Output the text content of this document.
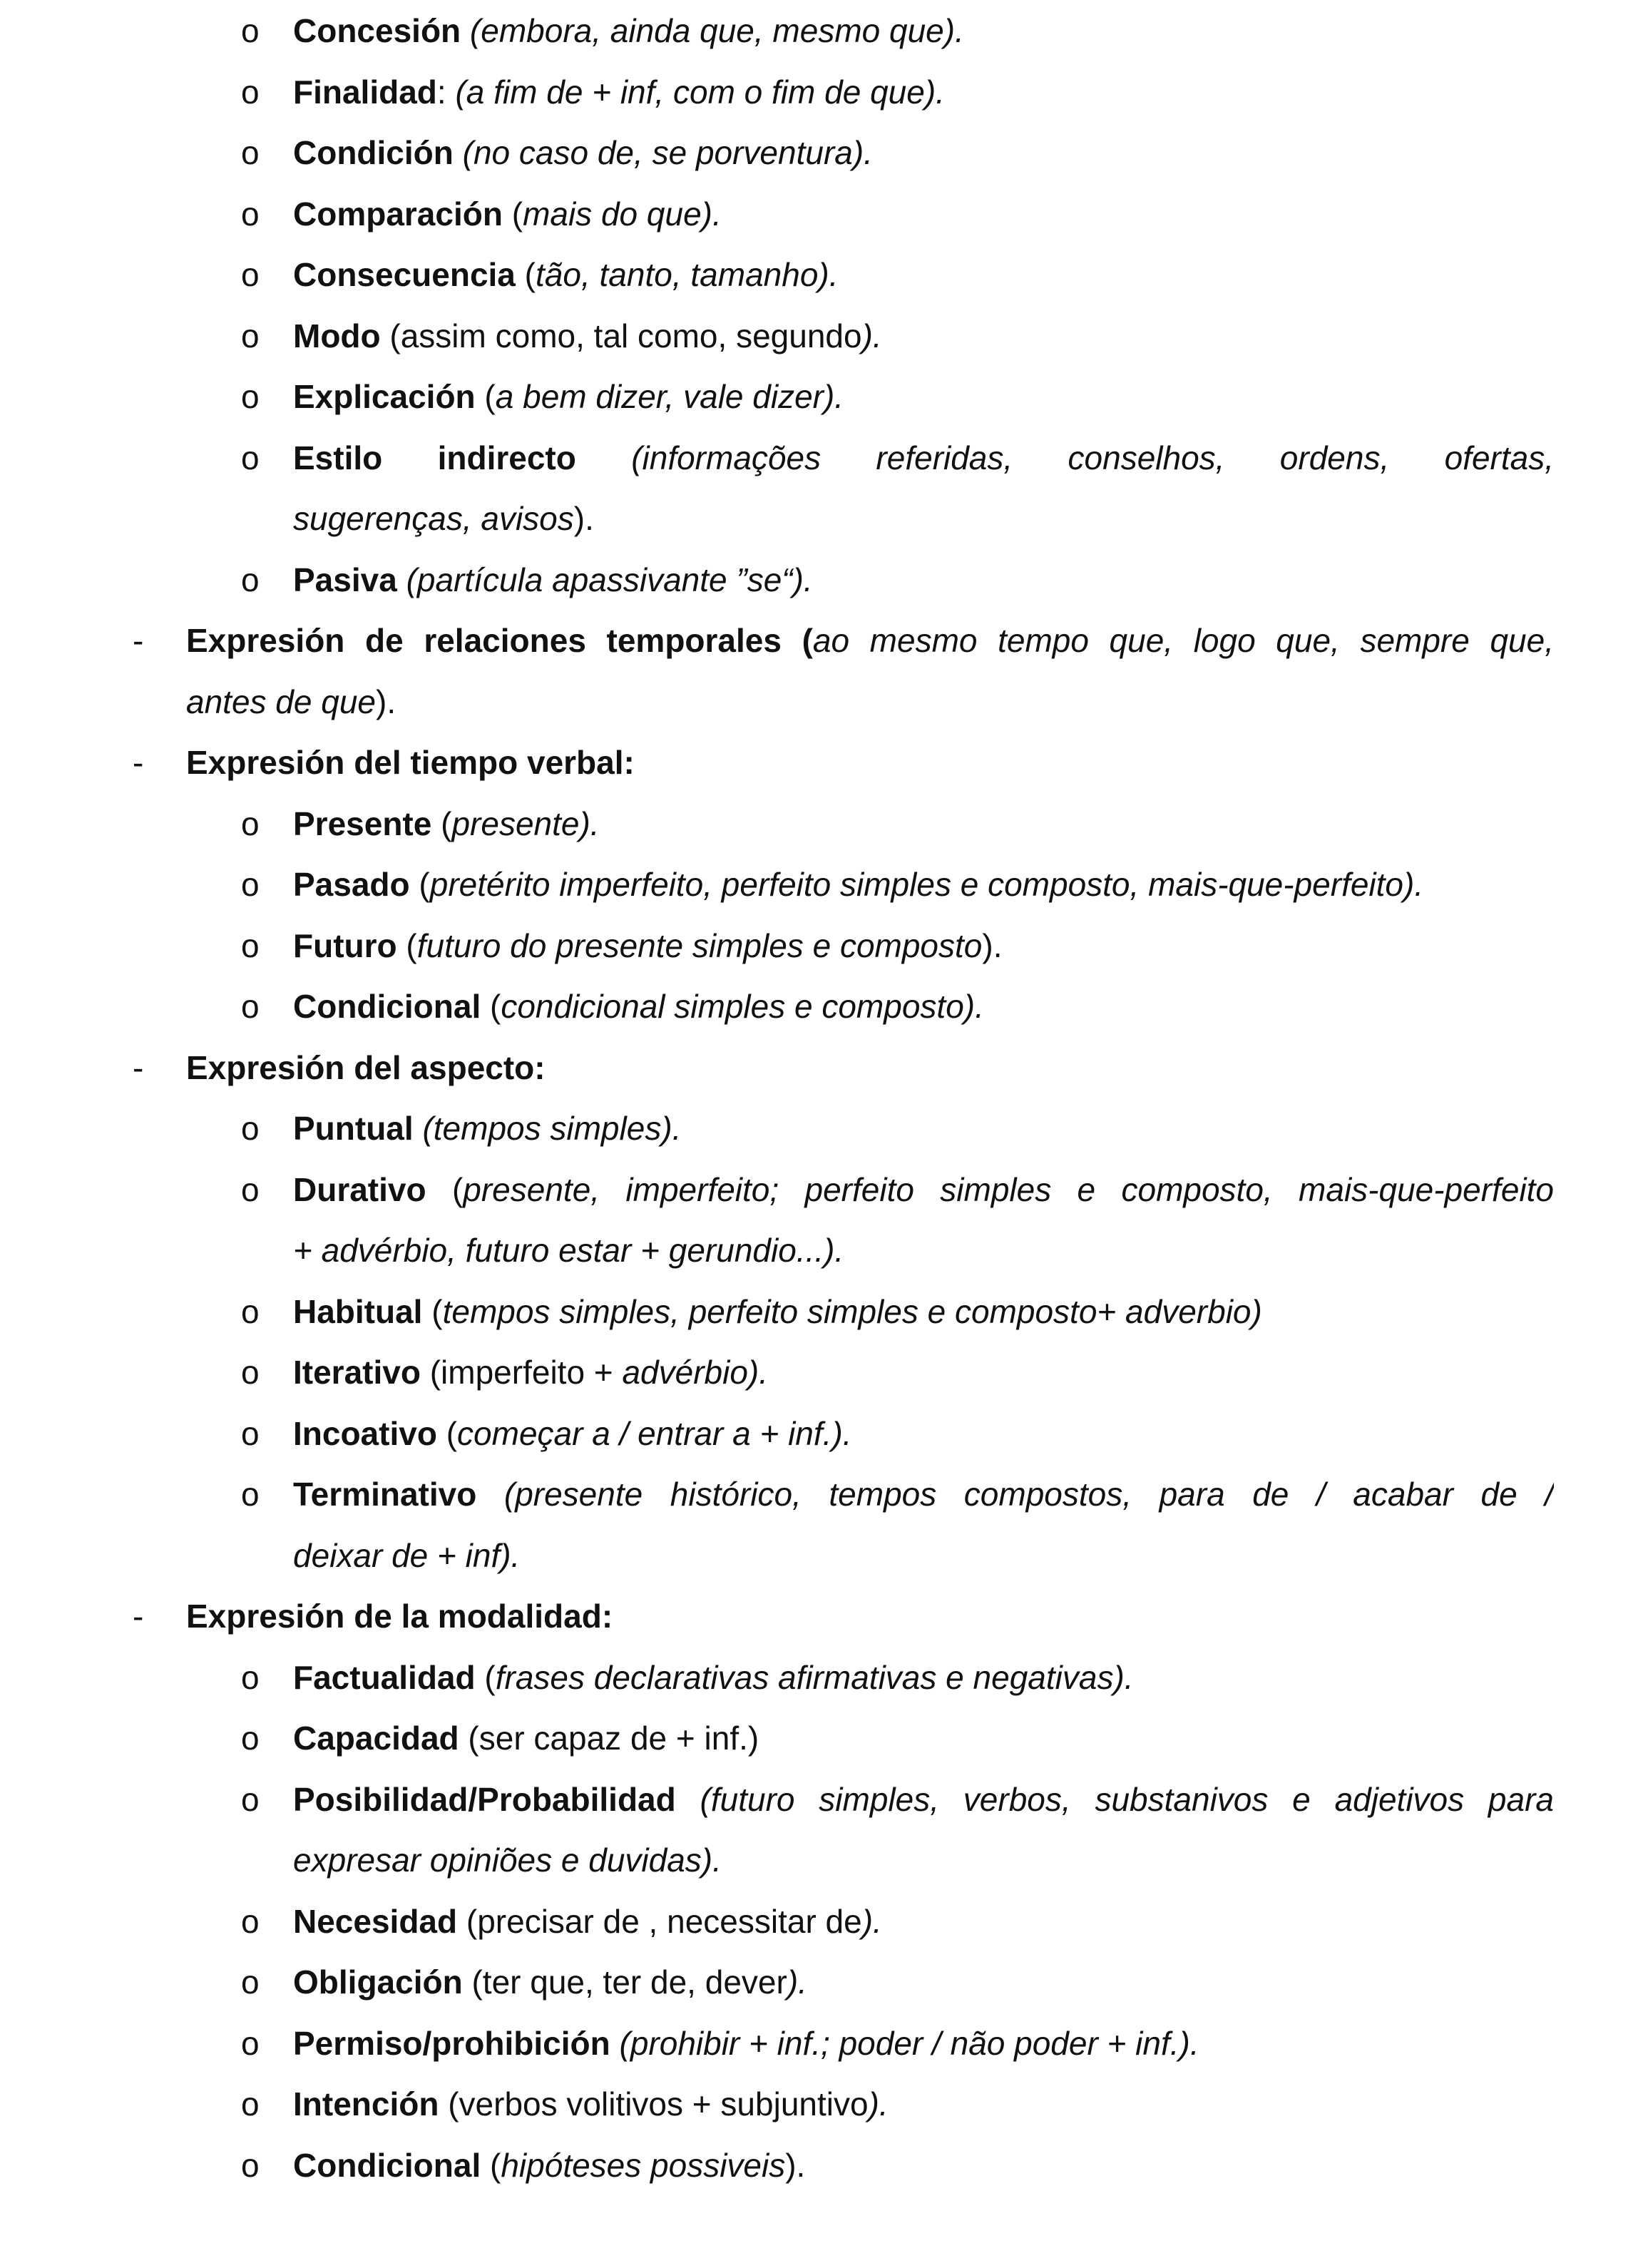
o Concesión (embora, ainda que, mesmo que).
o Finalidad: (a fim de + inf, com o fim de que).
o Condición (no caso de, se porventura).
o Comparación (mais do que).
o Consecuencia (tão, tanto, tamanho).
o Modo (assim como, tal como, segundo).
o Explicación (a bem dizer, vale dizer).
o Estilo indirecto (informações referidas, conselhos, ordens, ofertas,
sugerenças, avisos).
o Pasiva (partícula apassivante ”se“).
- Expresión de relaciones temporales (ao mesmo tempo que, logo que, sempre que,
antes de que).
- Expresión del tiempo verbal:
o Presente (presente).
o Pasado (pretérito imperfeito, perfeito simples e composto, mais-que-perfeito).
o Futuro (futuro do presente simples e composto).
o Condicional (condicional simples e composto).
- Expresión del aspecto:
o Puntual (tempos simples).
o Durativo (presente, imperfeito; perfeito simples e composto, mais-que-perfeito
+ advérbio, futuro estar + gerundio...).
o Habitual (tempos simples, perfeito simples e composto+ adverbio)
o Iterativo (imperfeito + advérbio).
o Incoativo (começar a / entrar a + inf.).
o Terminativo (presente histórico, tempos compostos, para de / acabar de /
deixar de + inf).
- Expresión de la modalidad:
o Factualidad (frases declarativas afirmativas e negativas).
o Capacidad (ser capaz de + inf.)
o Posibilidad/Probabilidad (futuro simples, verbos, substanivos e adjetivos para
expresar opiniões e duvidas).
o Necesidad (precisar de , necessitar de).
o Obligación (ter que, ter de, dever).
o Permiso/prohibición (prohibir + inf.; poder / não poder + inf.).
o Intención (verbos volitivos + subjuntivo).
o Condicional (hipóteses possiveis).
